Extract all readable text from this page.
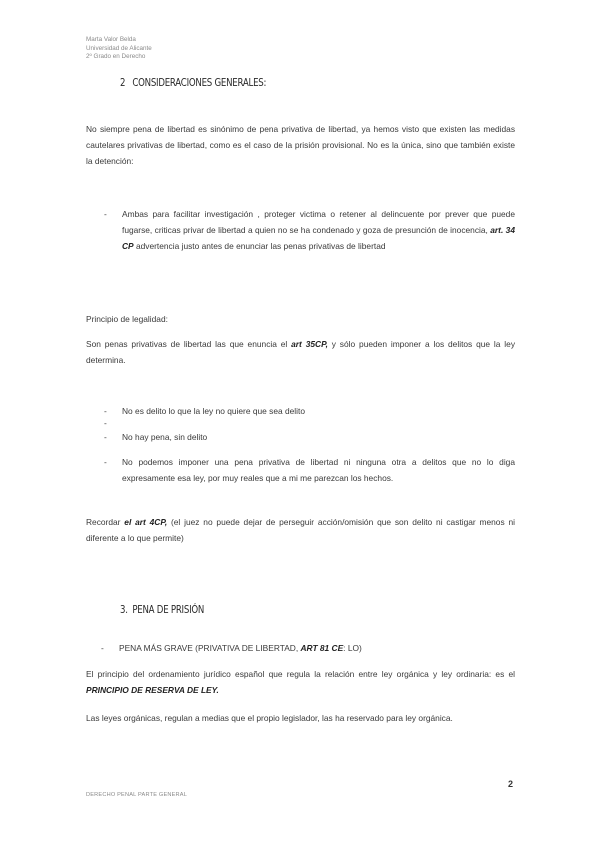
Marta Valor Belda
Universidad de Alicante
2º Grado en Derecho
2 CONSIDERACIONES GENERALES:
No siempre pena de libertad es sinónimo de pena privativa de libertad, ya hemos visto que existen las medidas cautelares privativas de libertad, como es el caso de la prisión provisional. No es la única, sino que también existe la detención:
- Ambas para facilitar investigación , proteger victima o retener al delincuente por prever que puede fugarse, criticas privar de libertad a quien no se ha condenado y goza de presunción de inocencia, art. 34 CP advertencia justo antes de enunciar las penas privativas de libertad
Principio de legalidad:
Son penas privativas de libertad las que enuncia el art 35CP, y sólo pueden imponer a los delitos que la ley determina.
- No es delito lo que la ley no quiere que sea delito
-
- No hay pena, sin delito
- No podemos imponer una pena privativa de libertad ni ninguna otra a delitos que no lo diga expresamente esa ley, por muy reales que a mi me parezcan los hechos.
Recordar el art 4CP, (el juez no puede dejar de perseguir acción/omisión que son delito ni castigar menos ni diferente a lo que permite)
3. PENA DE PRISIÓN
- PENA MÁS GRAVE (PRIVATIVA DE LIBERTAD, ART 81 CE: LO)
El principio del ordenamiento jurídico español que regula la relación entre ley orgánica y ley ordinaria: es el PRINCIPIO DE RESERVA DE LEY.
Las leyes orgánicas, regulan a medias que el propio legislador, las ha reservado para ley orgánica.
2
DERECHO PENAL PARTE GENERAL
